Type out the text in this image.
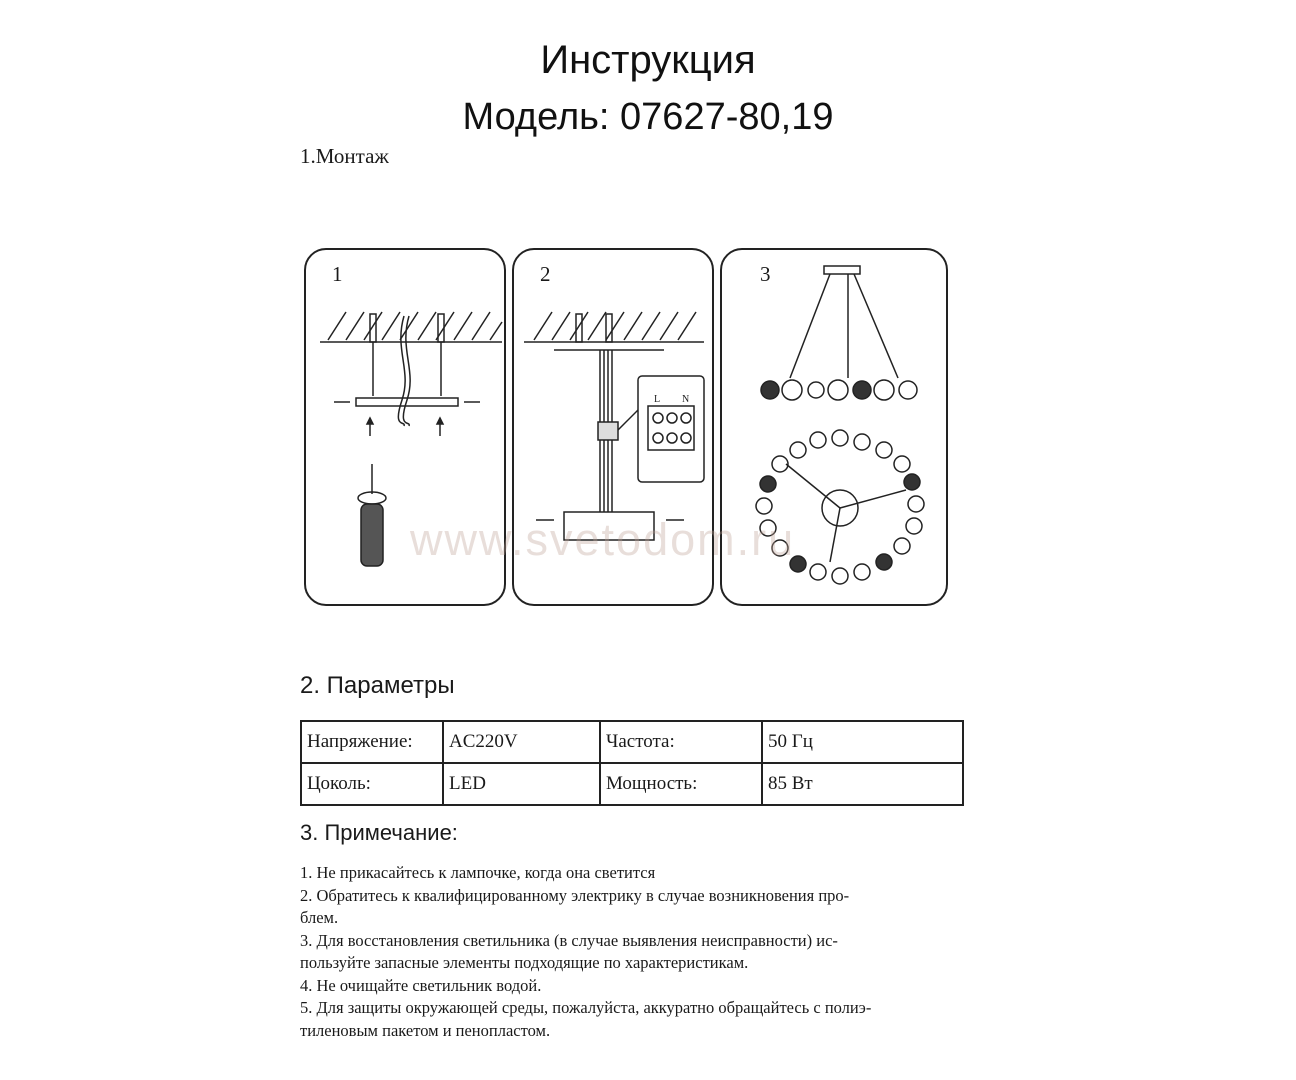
Инструкция
Модель: 07627-80,19
1.Монтаж
1	2
L N
3
www.svetodom.ru
2. Параметры
Напряжение:	AC220V	Частота:	50 Гц
Цоколь:	LED	Мощность:	85 Вт
3. Примечание:
1. Не прикасайтесь к лампочке, когда она светится
2. Обратитесь к квалифицированному электрику в случае возникновения про-
блем.
3. Для восстановления светильника (в случае выявления неисправности) ис-
пользуйте запасные элементы подходящие по характеристикам.
4. Не очищайте светильник водой.
5. Для защиты окружающей среды, пожалуйста, аккуратно обращайтесь с полиэ-
тиленовым пакетом и пенопластом.
